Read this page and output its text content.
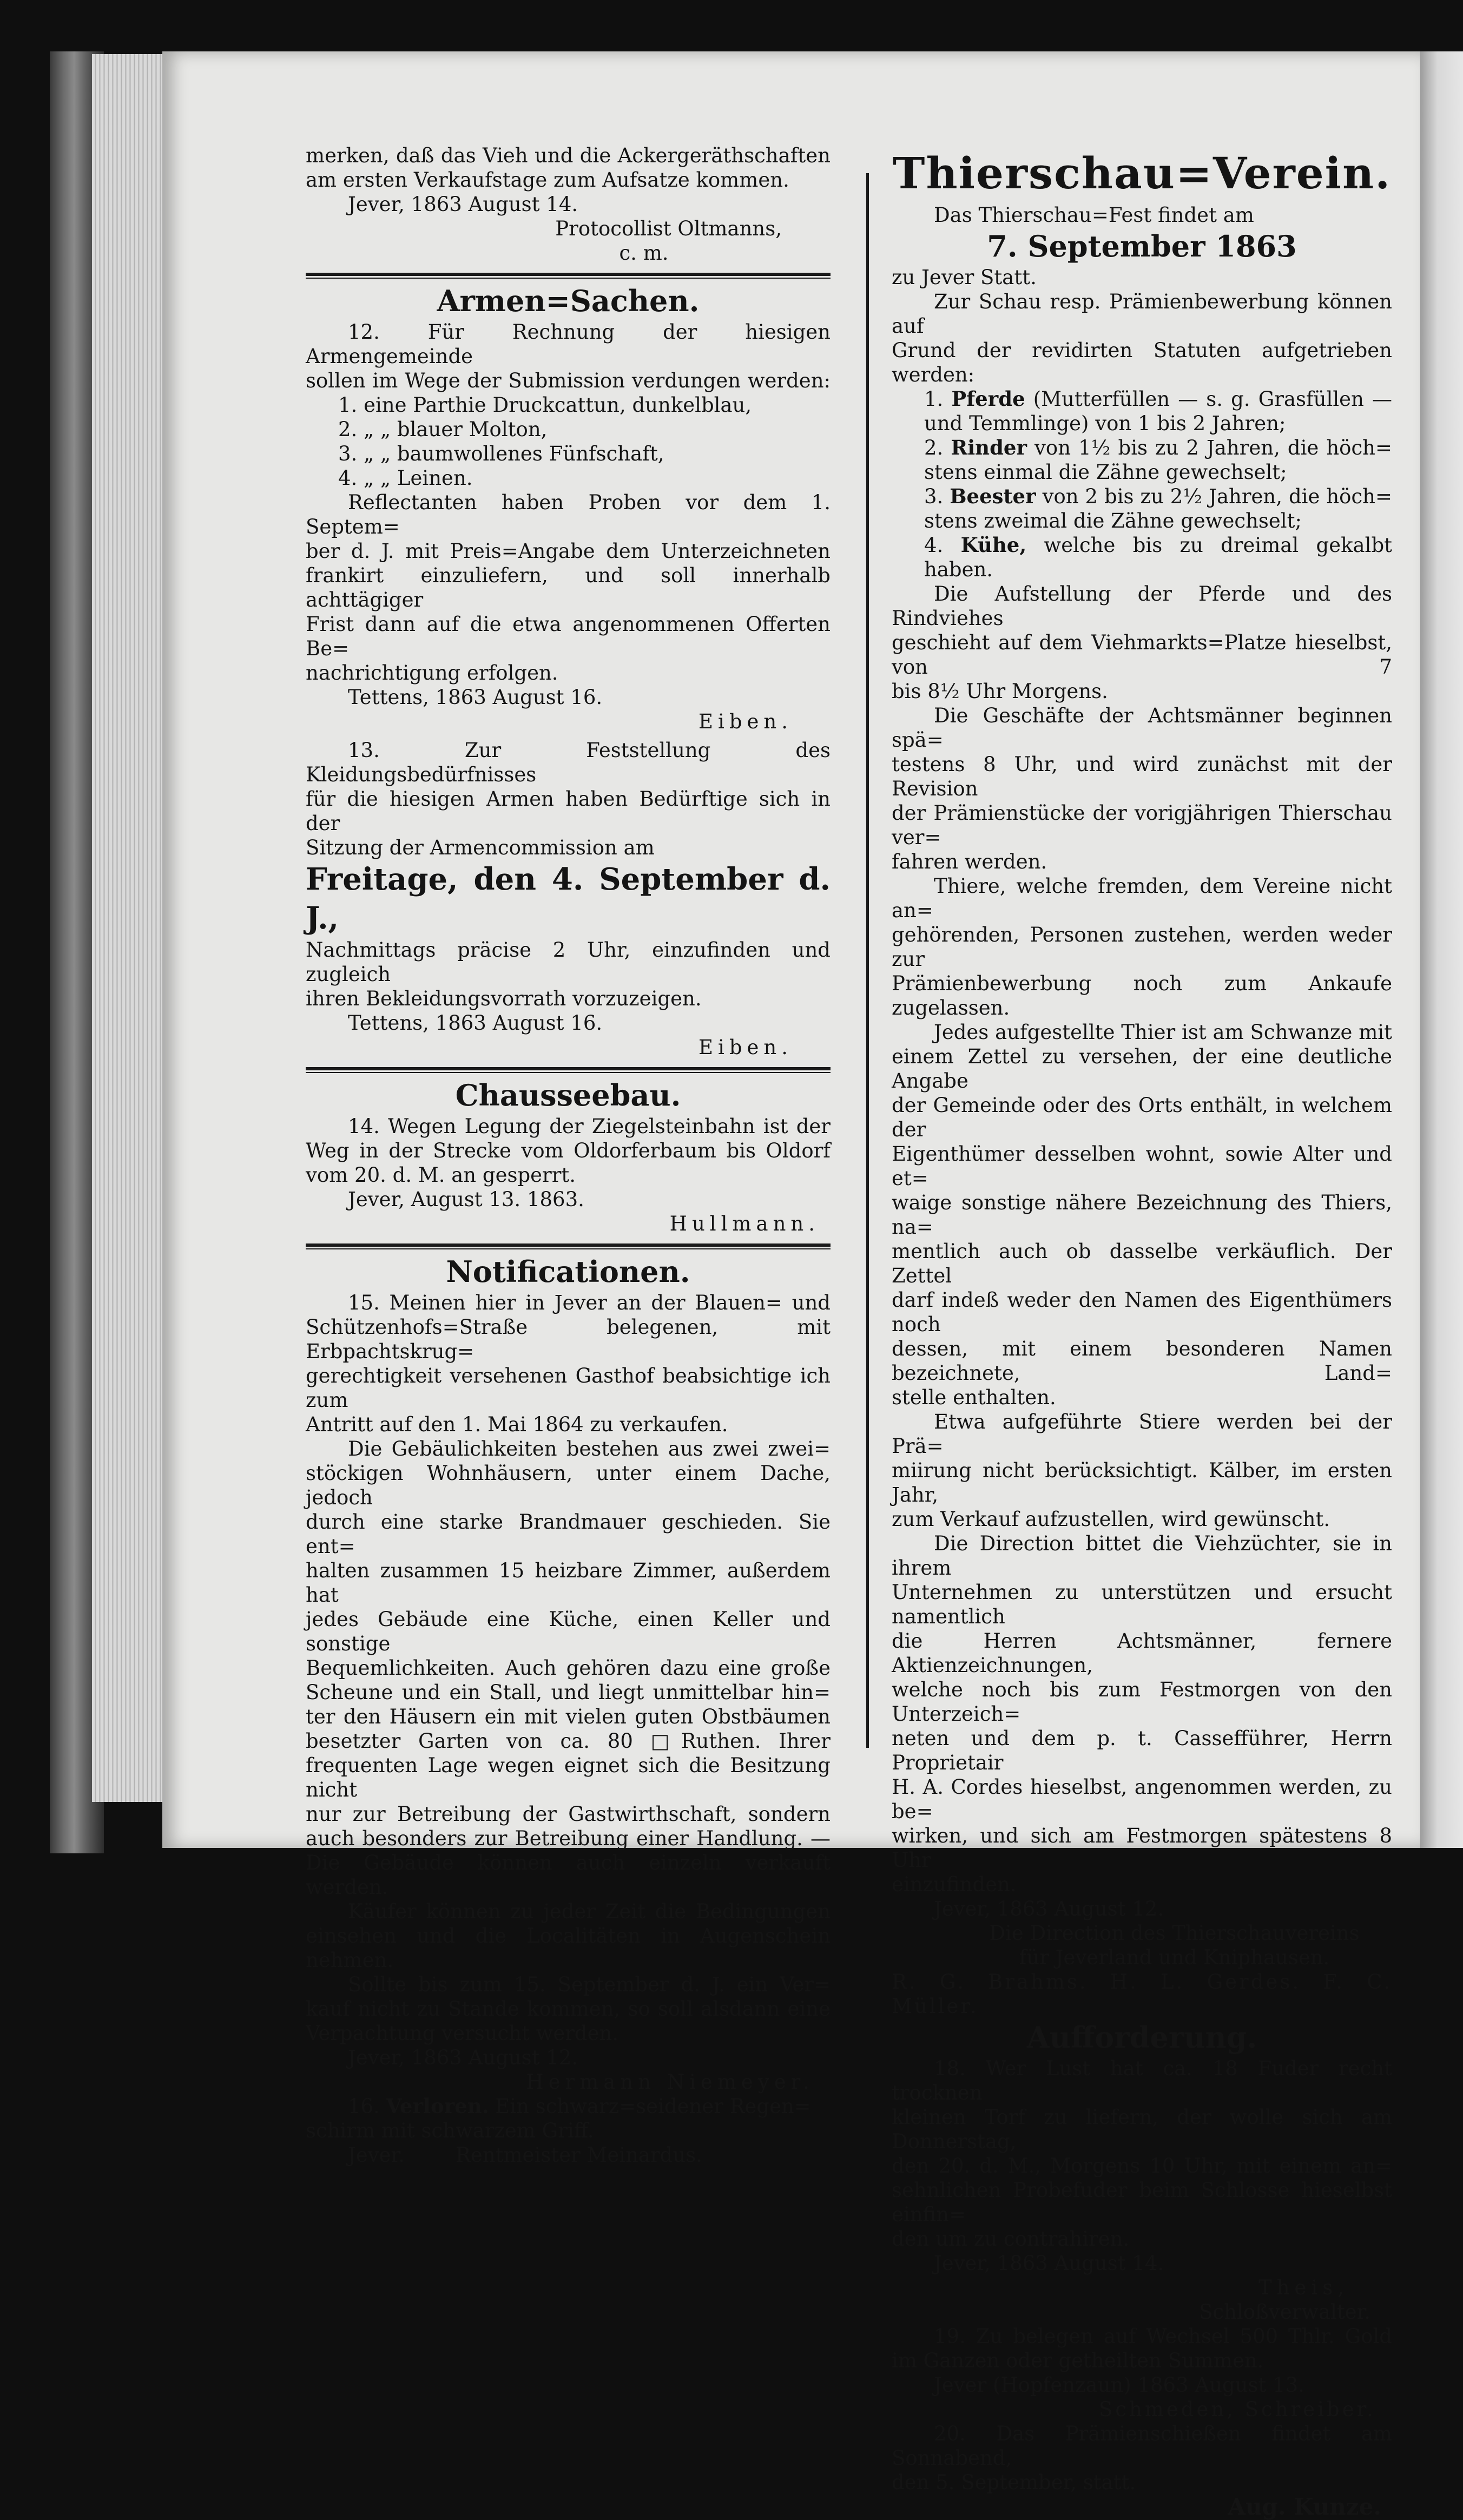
merken, daß das Vieh und die Ackergeräthschaften

am ersten Verkaufstage zum Aufsatze kommen.

Jever, 1863 August 14.

Protocollist Oltmanns,

c. m.

Armen=Sachen.

12. Für Rechnung der hiesigen Armengemeinde

sollen im Wege der Submission verdungen werden:

1. eine Parthie Druckcattun, dunkelblau,

2. „ „ blauer Molton,

3. „ „ baumwollenes Fünfschaft,

4. „ „ Leinen.

Reflectanten haben Proben vor dem 1. Septem=

ber d. J. mit Preis=Angabe dem Unterzeichneten

frankirt einzuliefern, und soll innerhalb achttägiger

Frist dann auf die etwa angenommenen Offerten Be=

nachrichtigung erfolgen.

Tettens, 1863 August 16.

Eiben.

13. Zur Feststellung des Kleidungsbedürfnisses

für die hiesigen Armen haben Bedürftige sich in der

Sitzung der Armencommission am

Freitage, den 4. September d. J.,

Nachmittags präcise 2 Uhr, einzufinden und zugleich

ihren Bekleidungsvorrath vorzuzeigen.

Tettens, 1863 August 16.

Eiben.

Chausseebau.

14. Wegen Legung der Ziegelsteinbahn ist der

Weg in der Strecke vom Oldorferbaum bis Oldorf

vom 20. d. M. an gesperrt.

Jever, August 13. 1863.

Hullmann.

Notificationen.

15. Meinen hier in Jever an der Blauen= und

Schützenhofs=Straße belegenen, mit Erbpachtskrug=

gerechtigkeit versehenen Gasthof beabsichtige ich zum

Antritt auf den 1. Mai 1864 zu verkaufen.

Die Gebäulichkeiten bestehen aus zwei zwei=

stöckigen Wohnhäusern, unter einem Dache, jedoch

durch eine starke Brandmauer geschieden. Sie ent=

halten zusammen 15 heizbare Zimmer, außerdem hat

jedes Gebäude eine Küche, einen Keller und sonstige

Bequemlichkeiten. Auch gehören dazu eine große

Scheune und ein Stall, und liegt unmittelbar hin=

ter den Häusern ein mit vielen guten Obstbäumen

besetzter Garten von ca. 80 □Ruthen. Ihrer

frequenten Lage wegen eignet sich die Besitzung nicht

nur zur Betreibung der Gastwirthschaft, sondern

auch besonders zur Betreibung einer Handlung. —

Die Gebäude können auch einzeln verkauft

werden.

Käufer können zu jeder Zeit die Bedingungen

einsehen und die Localitäten in Augenschein nehmen.

Sollte bis zum 15. September d. J. ein Ver=

kauf nicht zu Stande kommen, so soll alsdann eine

Verpachtung versucht werden.

Jever, 1863 August 12.

Hermann Niemeyer.

16. Verloren. Ein schwarz=seidener Regen=

schirm mit schwarzem Griff.

Jever.        Rentmeister Meinardus.

Thierschau=Verein.

Das Thierschau=Fest findet am

7. September 1863

zu Jever Statt.

Zur Schau resp. Prämienbewerbung können auf

Grund der revidirten Statuten aufgetrieben werden:

1. Pferde (Mutterfüllen — s. g. Grasfüllen —

und Temmlinge) von 1 bis 2 Jahren;

2. Rinder von 1½ bis zu 2 Jahren, die höch=

stens einmal die Zähne gewechselt;

3. Beester von 2 bis zu 2½ Jahren, die höch=

stens zweimal die Zähne gewechselt;

4. Kühe, welche bis zu dreimal gekalbt haben.

Die Aufstellung der Pferde und des Rindviehes

geschieht auf dem Viehmarkts=Platze hieselbst, von 7

bis 8½ Uhr Morgens.

Die Geschäfte der Achtsmänner beginnen spä=

testens 8 Uhr, und wird zunächst mit der Revision

der Prämienstücke der vorigjährigen Thierschau ver=

fahren werden.

Thiere, welche fremden, dem Vereine nicht an=

gehörenden, Personen zustehen, werden weder zur

Prämienbewerbung noch zum Ankaufe zugelassen.

Jedes aufgestellte Thier ist am Schwanze mit

einem Zettel zu versehen, der eine deutliche Angabe

der Gemeinde oder des Orts enthält, in welchem der

Eigenthümer desselben wohnt, sowie Alter und et=

waige sonstige nähere Bezeichnung des Thiers, na=

mentlich auch ob dasselbe verkäuflich. Der Zettel

darf indeß weder den Namen des Eigenthümers noch

dessen, mit einem besonderen Namen bezeichnete, Land=

stelle enthalten.

Etwa aufgeführte Stiere werden bei der Prä=

miirung nicht berücksichtigt. Kälber, im ersten Jahr,

zum Verkauf aufzustellen, wird gewünscht.

Die Direction bittet die Viehzüchter, sie in ihrem

Unternehmen zu unterstützen und ersucht namentlich

die Herren Achtsmänner, fernere Aktienzeichnungen,

welche noch bis zum Festmorgen von den Unterzeich=

neten und dem p. t. Cassefführer, Herrn Proprietair

H. A. Cordes hieselbst, angenommen werden, zu be=

wirken, und sich am Festmorgen spätestens 8 Uhr

einzufinden.

Jever, 1863 August 12.

Die Direction des Thierschauvereins

für Jeverland und Kniphausen.

R. G. Brahms. H. L. Gerdes. F. C. Müller.

Aufforderung.

18. Wer Lust hat ca. 18 Fuder recht trocknen

kleinen Torf zu liefern, der wolle sich am Donnerstag,

den 20. d. M., Morgens 10 Uhr, mit einem an=

sehnlichen Probefuder beim Schlosse hieselbst einfin=

den um zu contrahiren.

Jever, 1863 August 14.

Theis,

Schloßverwalter.

19. Zu belegen auf Wechsel 500 Thlr. Gold

im Ganzen oder getheilten Summen.

Jever (Hopfenzaun) 1863 August 13.

Schmeden, Schreiber.

20. Das Prämienschießen findet am Sonnabend,

den 5. September, statt.

Aug. Kunze.
